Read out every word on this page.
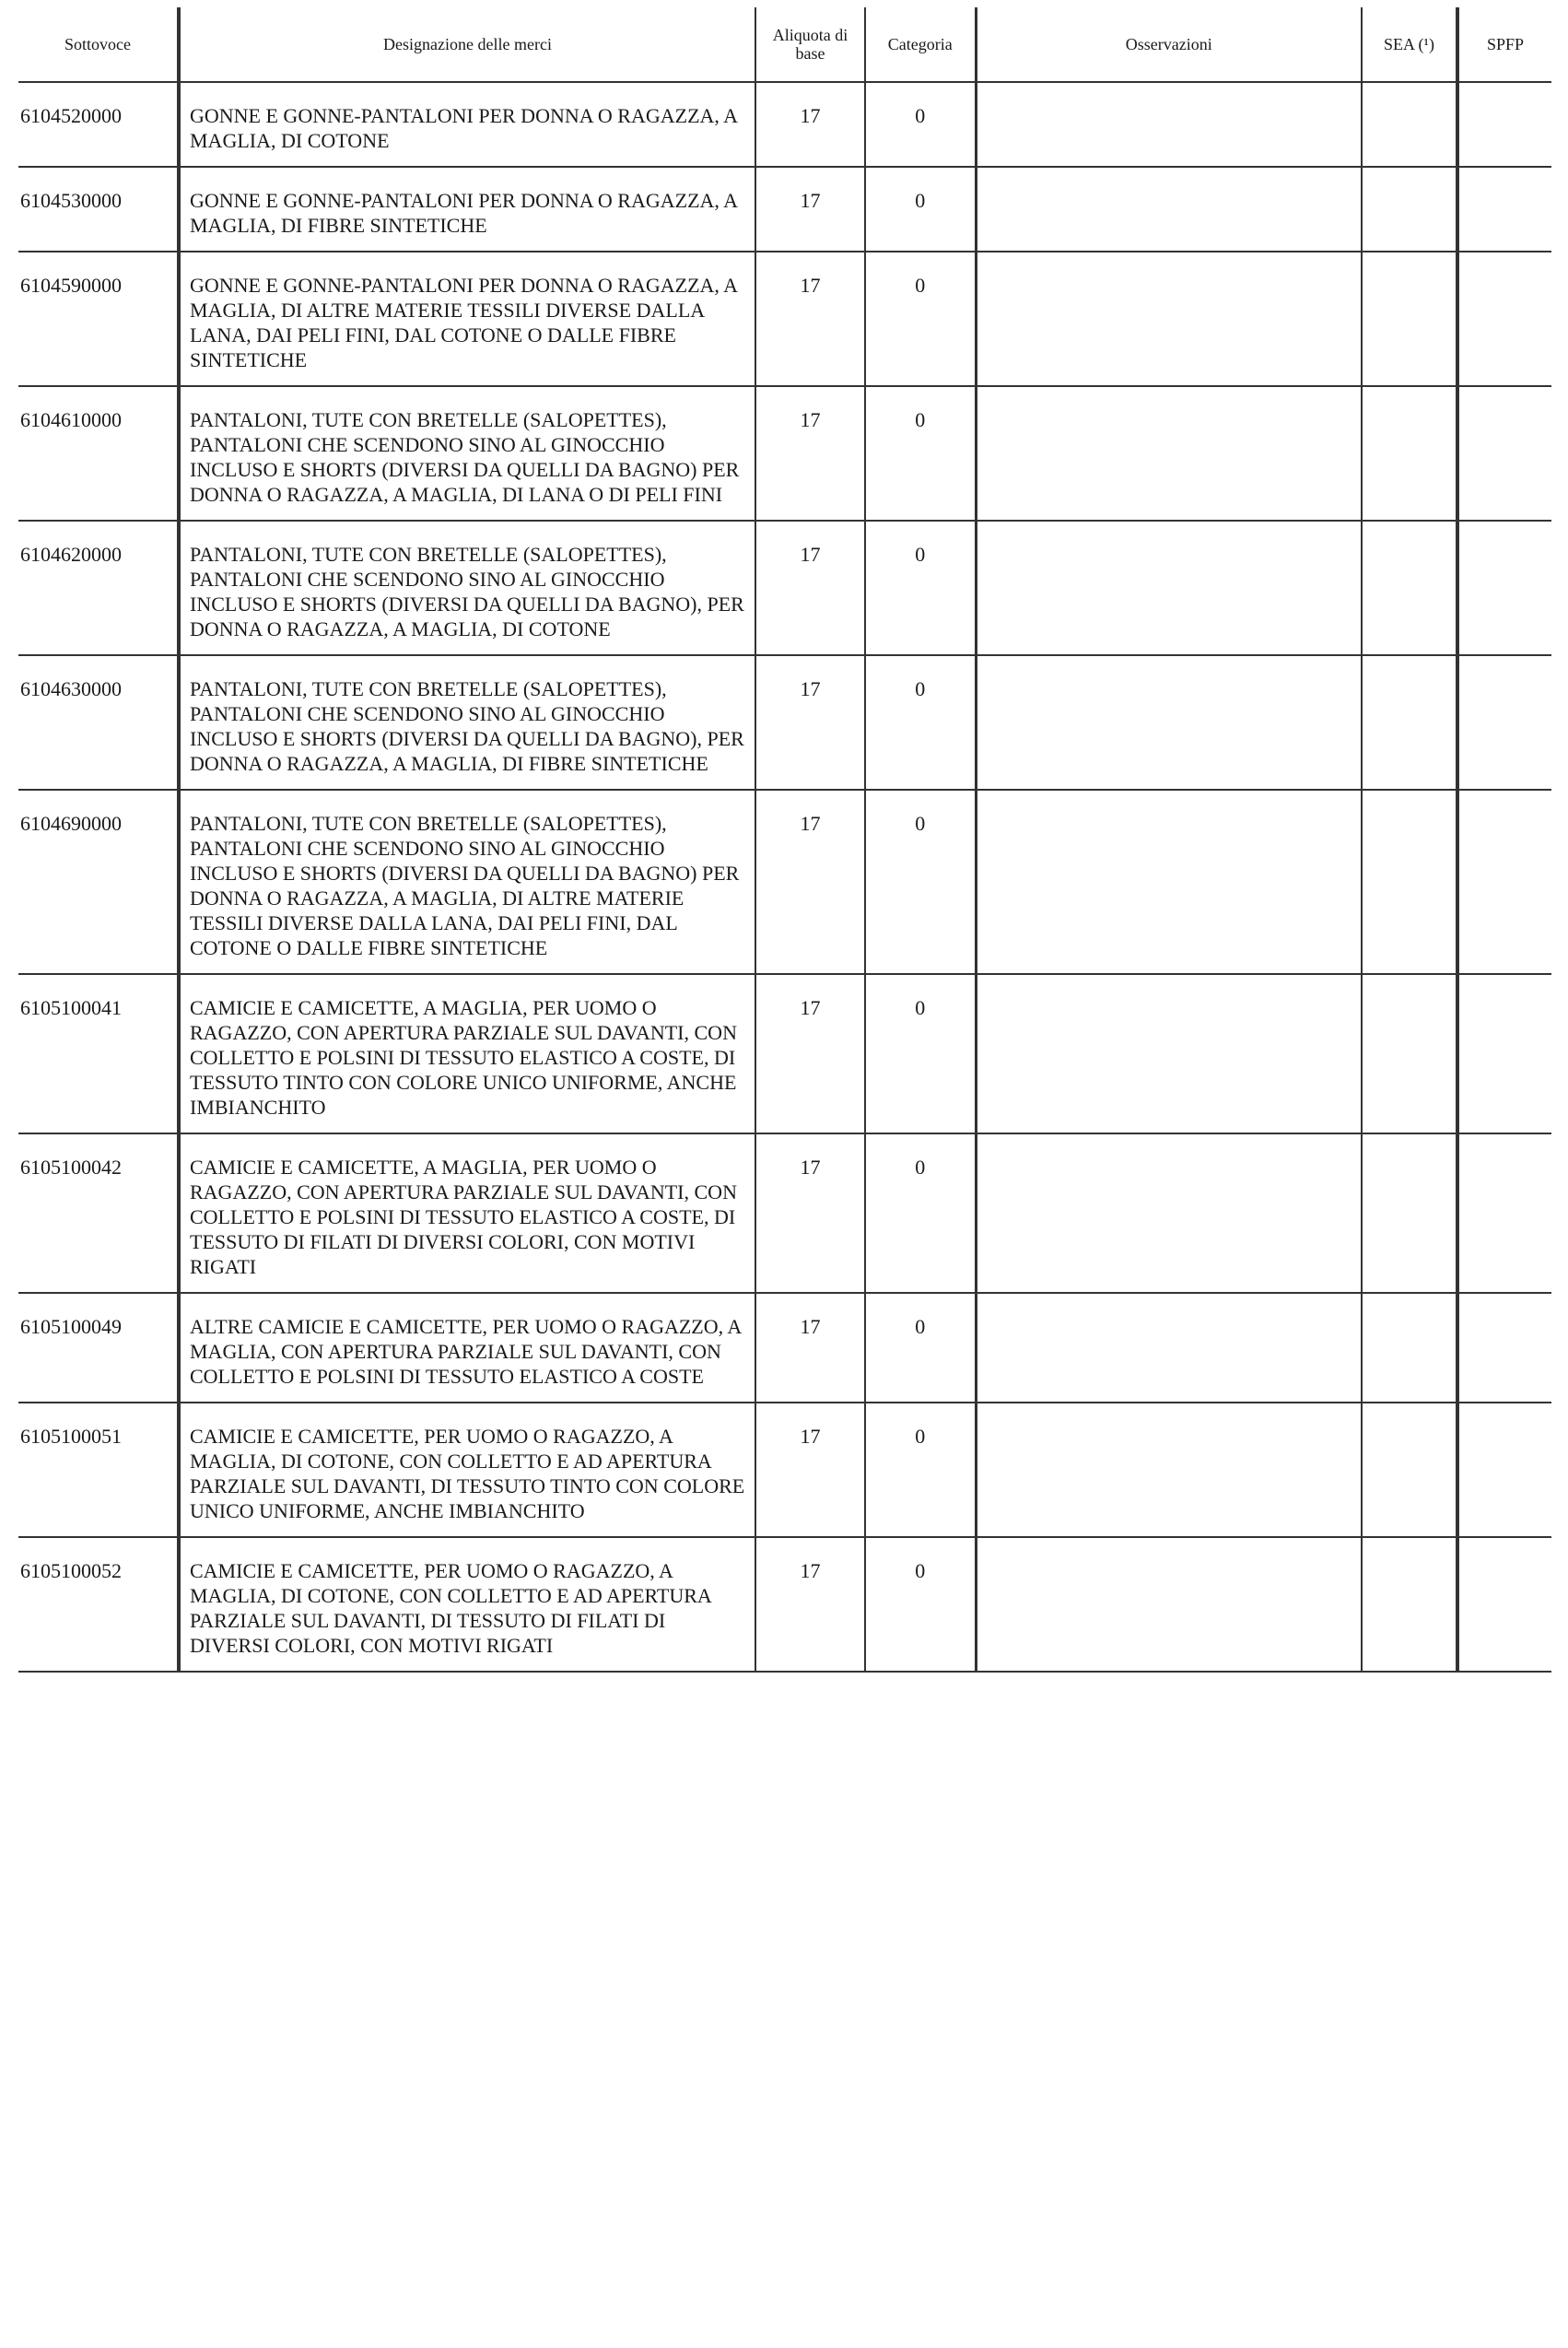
Sottovoce	Designazione delle merci	Aliquota di base	Categoria	Osservazioni	SEA (¹)	SPFP
6104520000	GONNE E GONNE-PANTALONI PER DONNA O RAGAZZA, A MAGLIA, DI COTONE	17	0			
6104530000	GONNE E GONNE-PANTALONI PER DONNA O RAGAZZA, A MAGLIA, DI FIBRE SINTETICHE	17	0			
6104590000	GONNE E GONNE-PANTALONI PER DONNA O RAGAZZA, A MAGLIA, DI ALTRE MATERIE TESSILI DIVERSE DALLA LANA, DAI PELI FINI, DAL COTONE O DALLE FIBRE SINTETICHE	17	0			
6104610000	PANTALONI, TUTE CON BRETELLE (SALOPETTES), PANTALONI CHE SCENDONO SINO AL GINOCCHIO INCLUSO E SHORTS (DIVERSI DA QUELLI DA BAGNO) PER DONNA O RAGAZZA, A MAGLIA, DI LANA O DI PELI FINI	17	0			
6104620000	PANTALONI, TUTE CON BRETELLE (SALOPETTES), PANTALONI CHE SCENDONO SINO AL GINOCCHIO INCLUSO E SHORTS (DIVERSI DA QUELLI DA BAGNO), PER DONNA O RAGAZZA, A MAGLIA, DI COTONE	17	0			
6104630000	PANTALONI, TUTE CON BRETELLE (SALOPETTES), PANTALONI CHE SCENDONO SINO AL GINOCCHIO INCLUSO E SHORTS (DIVERSI DA QUELLI DA BAGNO), PER DONNA O RAGAZZA, A MAGLIA, DI FIBRE SINTETICHE	17	0			
6104690000	PANTALONI, TUTE CON BRETELLE (SALOPETTES), PANTALONI CHE SCENDONO SINO AL GINOCCHIO INCLUSO E SHORTS (DIVERSI DA QUELLI DA BAGNO) PER DONNA O RAGAZZA, A MAGLIA, DI ALTRE MATERIE TESSILI DIVERSE DALLA LANA, DAI PELI FINI, DAL COTONE O DALLE FIBRE SINTETICHE	17	0			
6105100041	CAMICIE E CAMICETTE, A MAGLIA, PER UOMO O RAGAZZO, CON APERTURA PARZIALE SUL DAVANTI, CON COLLETTO E POLSINI DI TESSUTO ELASTICO A COSTE, DI TESSUTO TINTO CON COLORE UNICO UNIFORME, ANCHE IMBIANCHITO	17	0			
6105100042	CAMICIE E CAMICETTE, A MAGLIA, PER UOMO O RAGAZZO, CON APERTURA PARZIALE SUL DAVANTI, CON COLLETTO E POLSINI DI TESSUTO ELASTICO A COSTE, DI TESSUTO DI FILATI DI DIVERSI COLORI, CON MOTIVI RIGATI	17	0			
6105100049	ALTRE CAMICIE E CAMICETTE, PER UOMO O RAGAZZO, A MAGLIA, CON APERTURA PARZIALE SUL DAVANTI, CON COLLETTO E POLSINI DI TESSUTO ELASTICO A COSTE	17	0			
6105100051	CAMICIE E CAMICETTE, PER UOMO O RAGAZZO, A MAGLIA, DI COTONE, CON COLLETTO E AD APERTURA PARZIALE SUL DAVANTI, DI TESSUTO TINTO CON COLORE UNICO UNIFORME, ANCHE IMBIANCHITO	17	0			
6105100052	CAMICIE E CAMICETTE, PER UOMO O RAGAZZO, A MAGLIA, DI COTONE, CON COLLETTO E AD APERTURA PARZIALE SUL DAVANTI, DI TESSUTO DI FILATI DI DIVERSI COLORI, CON MOTIVI RIGATI	17	0			
